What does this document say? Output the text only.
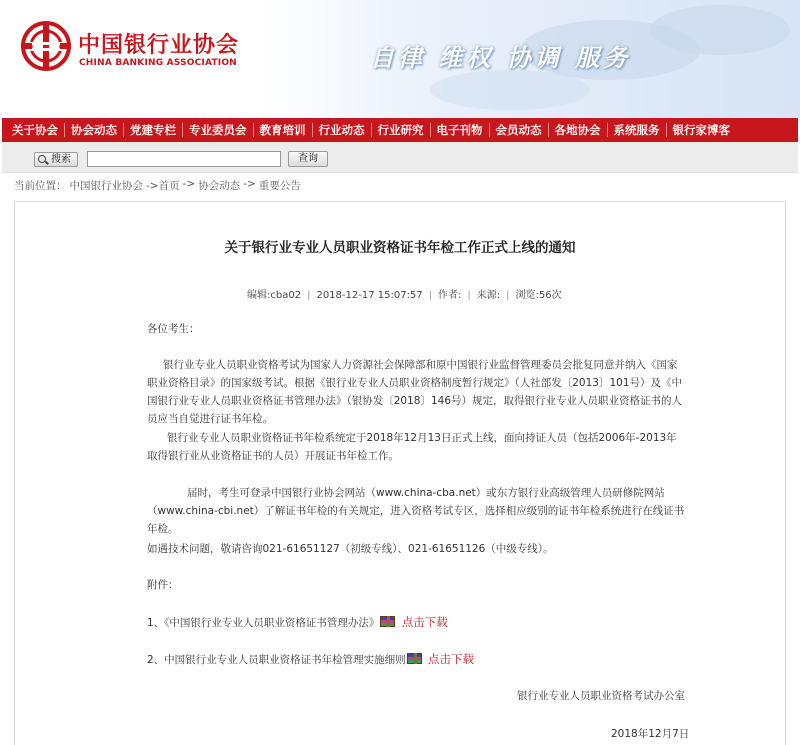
中国银行业协会
CHINA BANKING ASSOCIATION	自律 维权 协调 服务
关于协会	协会动态	党建专栏	专业委员会	教育培训	行业动态	行业研究	电子刊物	会员动态	各地协会	系统服务	银行家博客
搜索	查询
当前位置： 中国银行业协会 ->首页 -> 协会动态 -> 重要公告
关于银行业专业人员职业资格证书年检工作正式上线的通知
编辑:cba02 | 2018-12-17 15:07:57 | 作者: | 来源: | 浏览:56次
各位考生：
银行业专业人员职业资格考试为国家人力资源社会保障部和原中国银行业监督管理委员会批复同意并纳入《国家职业资格目录》的国家级考试。根据《银行业专业人员职业资格制度暂行规定》（人社部发〔2013〕101号）及《中国银行业专业人员职业资格证书管理办法》（银协发〔2018〕146号）规定，取得银行业专业人员职业资格证书的人员应当自觉进行证书年检。
银行业专业人员职业资格证书年检系统定于2018年12月13日正式上线，面向持证人员（包括2006年-2013年取得银行业从业资格证书的人员）开展证书年检工作。
届时，考生可登录中国银行业协会网站（www.china-cba.net）或东方银行业高级管理人员研修院网站（www.china-cbi.net）了解证书年检的有关规定，进入资格考试专区，选择相应级别的证书年检系统进行在线证书年检。
如遇技术问题，敬请咨询021-61651127（初级专线）、021-61651126（中级专线）。
附件：
1、《中国银行业专业人员职业资格证书管理办法》 点击下载
2、中国银行业专业人员职业资格证书年检管理实施细则 点击下载
银行业专业人员职业资格考试办公室
2018年12月7日
